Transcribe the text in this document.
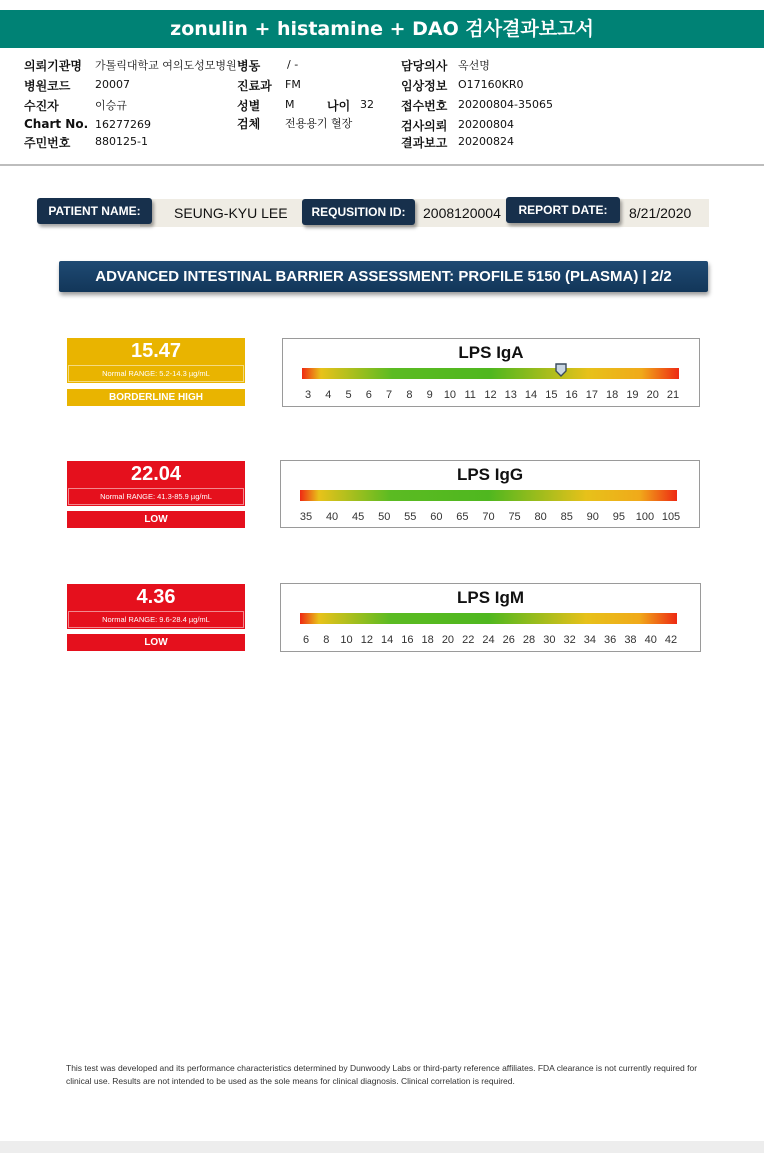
zonulin + histamine + DAO 검사결과보고서
의뢰기관명 가톨릭대학교 여의도성모병원 병동 / -	담당의사 옥선명
병원코드 20007	진료과 FM	임상정보 O17160KR0
수진자	이승규	성별 M	나이 32 접수번호 20200804-35065
Chart No. 16277269	검체 전용용기 혈장	검사의뢰 20200804
주민번호 880125-1	결과보고 20200824
PATIENT NAME:	SEUNG-KYU LEE	REQUSITION ID:	2008120004	REPORT DATE:	8/21/2020
ADVANCED INTESTINAL BARRIER ASSESSMENT: PROFILE 5150 (PLASMA) | 2/2
15.47
Normal RANGE: 5.2-14.3 µg/mL
BORDERLINE HIGH
LPS IgA
3 4 5 6 7 8 9 10 11 12 13 14 15 16 17 18 19 20 21
22.04
Normal RANGE: 41.3-85.9 µg/mL
LOW
LPS IgG
35 40 45 50 55 60 65 70 75 80 85 90 95 100 105
4.36
Normal RANGE: 9.6-28.4 µg/mL
LOW
LPS IgM
6 8 10 12 14 16 18 20 22 24 26 28 30 32 34 36 38 40 42
This test was developed and its performance characteristics determined by Dunwoody Labs or third-party reference affiliates. FDA clearance is not currently required for clinical use. Results are not intended to be used as the sole means for clinical diagnosis. Clinical correlation is required.
